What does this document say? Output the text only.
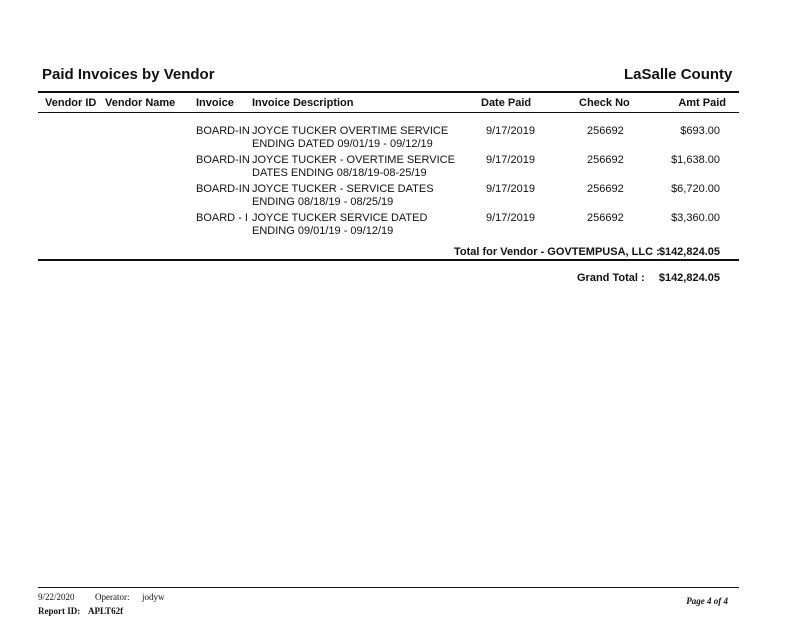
Paid Invoices by Vendor	LaSalle County
Vendor ID Vendor Name Invoice Invoice Description	Date Paid	Check No	Amt Paid
BOARD-IN JOYCE TUCKER OVERTIME SERVICE
ENDING DATED 09/01/19 - 09/12/19
9/17/2019	256692	$693.00
BOARD-IN JOYCE TUCKER - OVERTIME SERVICE
DATES ENDING 08/18/19-08-25/19
9/17/2019	256692	$1,638.00
BOARD-IN JOYCE TUCKER - SERVICE DATES
ENDING 08/18/19 - 08/25/19
9/17/2019	256692	$6,720.00
BOARD - I JOYCE TUCKER SERVICE DATED
ENDING 09/01/19 - 09/12/19
9/17/2019	256692	$3,360.00
Total for Vendor - GOVTEMPUSA, LLC : $142,824.05
Grand Total : $142,824.05
9/22/2020 Operator: jodyw
Report ID: APLT62f
Page 4 of 4
